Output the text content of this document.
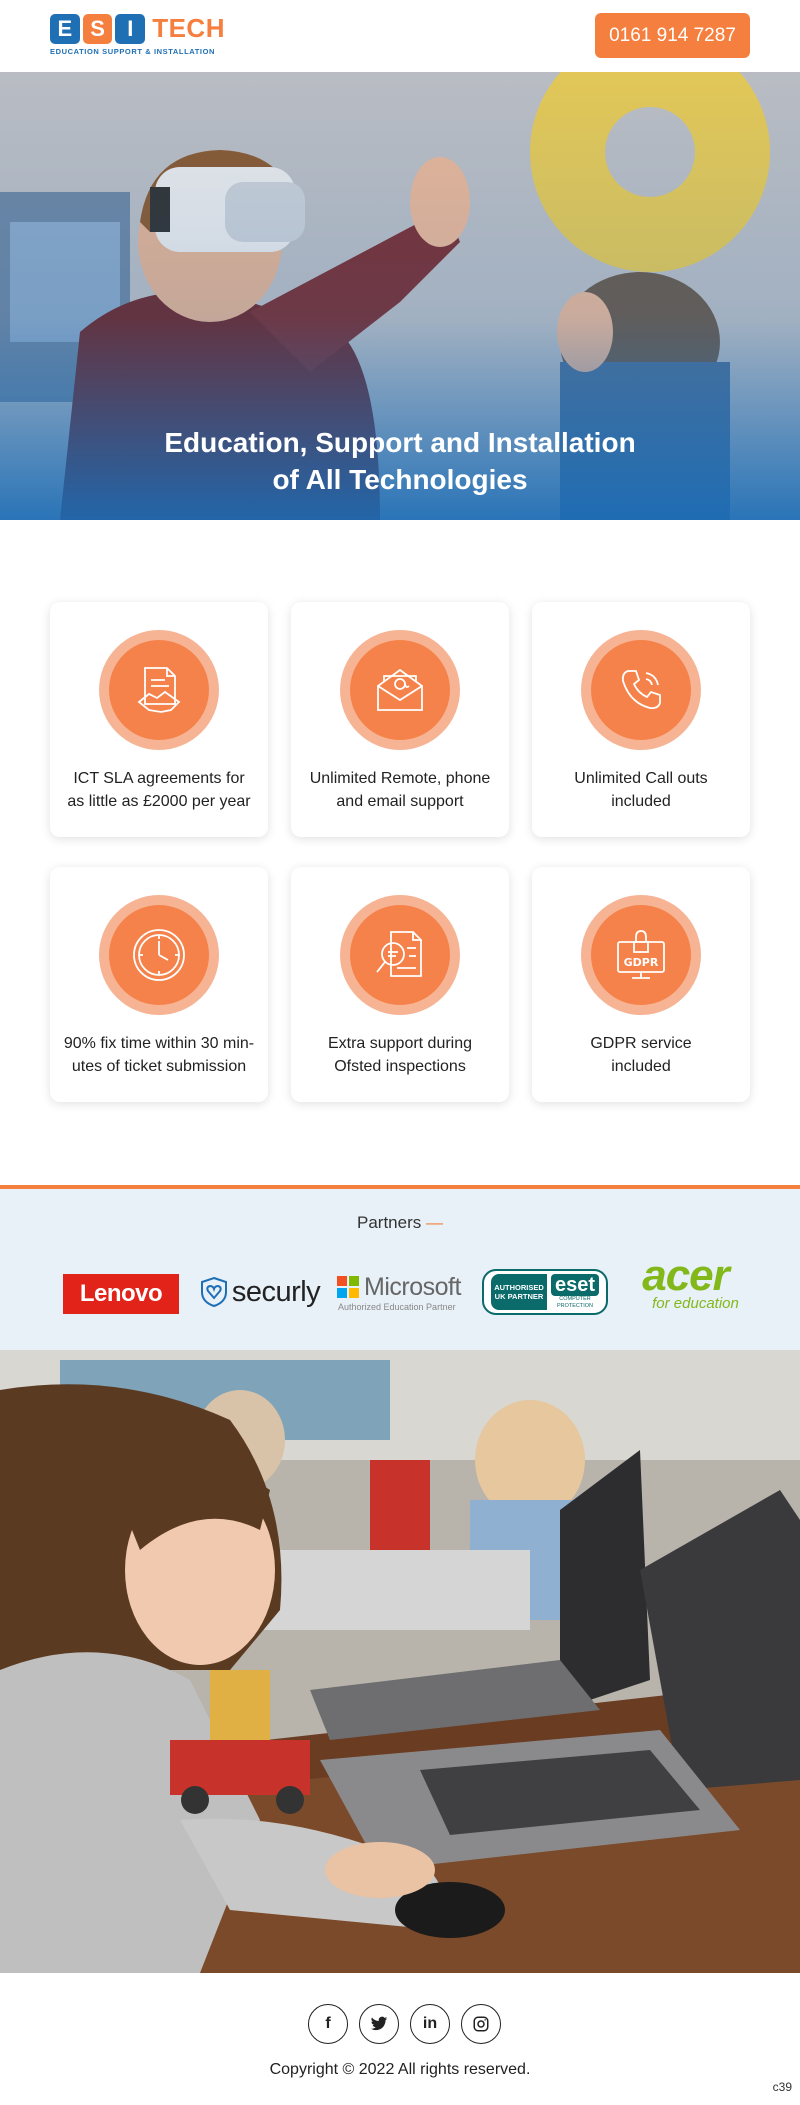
E S	I TECH
EDUCATION SUPPORT & INSTALLATION
0161 914 7287
Education, Support and Installation
of All Technologies
ICT SLA agreements for
as little as £2000 per year
Unlimited Remote, phone
and email support
Unlimited Call outs
included
90% fix time within 30 min-
utes of ticket submission
Extra support during
Ofsted inspections
GDPR
GDPR service
included
Partners —
Lenovo	securly Microsoft
Authorized Education Partner
AUTHORISED
UK PARTNER
eset
COMPUTER
PROTECTION
acer
for education
f	in
Copyright © 2022 All rights reserved.
c39
